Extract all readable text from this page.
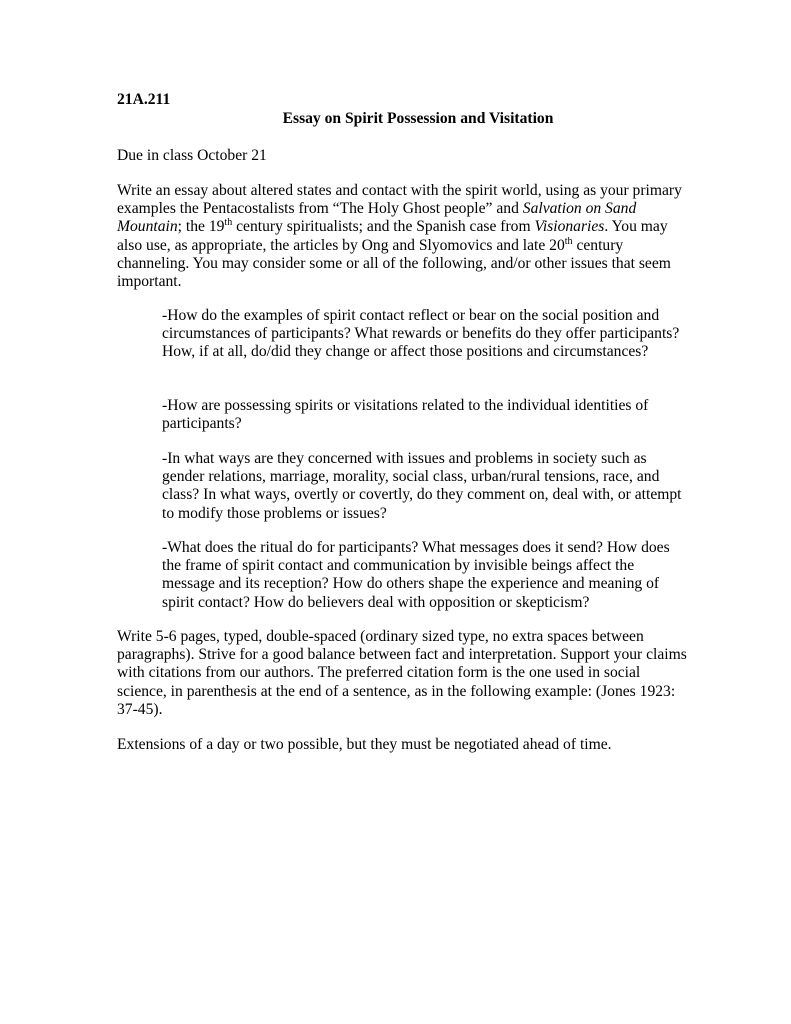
21A.211

Essay on Spirit Possession and Visitation

Due in class October 21

Write an essay about altered states and contact with the spirit world, using as your primary examples the Pentacostalists from “The Holy Ghost people” and Salvation on Sand Mountain; the 19th century spiritualists; and the Spanish case from Visionaries. You may also use, as appropriate, the articles by Ong and Slyomovics and late 20th century channeling. You may consider some or all of the following, and/or other issues that seem important.

-How do the examples of spirit contact reflect or bear on the social position and circumstances of participants? What rewards or benefits do they offer participants? How, if at all, do/did they change or affect those positions and circumstances?

-How are possessing spirits or visitations related to the individual identities of participants?

-In what ways are they concerned with issues and problems in society such as gender relations, marriage, morality, social class, urban/rural tensions, race, and class? In what ways, overtly or covertly, do they comment on, deal with, or attempt to modify those problems or issues?

-What does the ritual do for participants? What messages does it send? How does the frame of spirit contact and communication by invisible beings affect the message and its reception? How do others shape the experience and meaning of spirit contact? How do believers deal with opposition or skepticism?

Write 5-6 pages, typed, double-spaced (ordinary sized type, no extra spaces between paragraphs). Strive for a good balance between fact and interpretation. Support your claims with citations from our authors. The preferred citation form is the one used in social science, in parenthesis at the end of a sentence, as in the following example: (Jones 1923: 37-45).

Extensions of a day or two possible, but they must be negotiated ahead of time.
